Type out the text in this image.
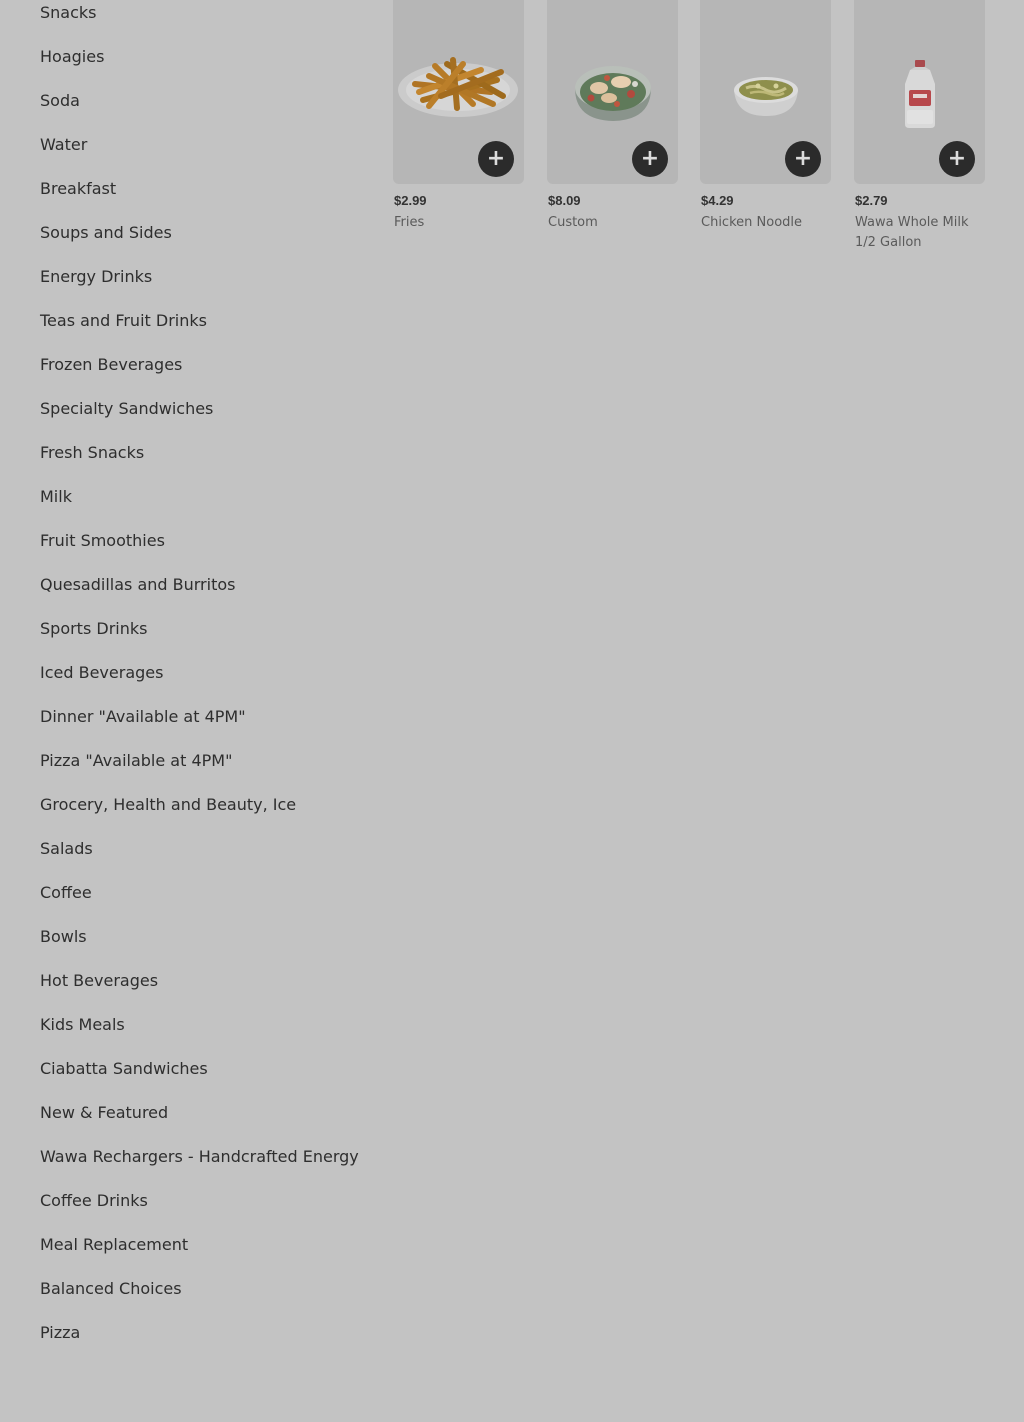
Snacks
Hoagies
Soda
Water
Breakfast
Soups and Sides
Energy Drinks
Teas and Fruit Drinks
Frozen Beverages
Specialty Sandwiches
Fresh Snacks
Milk
Fruit Smoothies
Quesadillas and Burritos
Sports Drinks
Iced Beverages
Dinner "Available at 4PM"
Pizza "Available at 4PM"
Grocery, Health and Beauty, Ice
Salads
Coffee
Bowls
Hot Beverages
Kids Meals
Ciabatta Sandwiches
New & Featured
Wawa Rechargers - Handcrafted Energy
Coffee Drinks
Meal Replacement
Balanced Choices
Pizza
+
$2.99
Fries
+
$8.09
Custom
+
$4.29
Chicken Noodle
+
$2.79
Wawa Whole Milk 1/2 Gallon
